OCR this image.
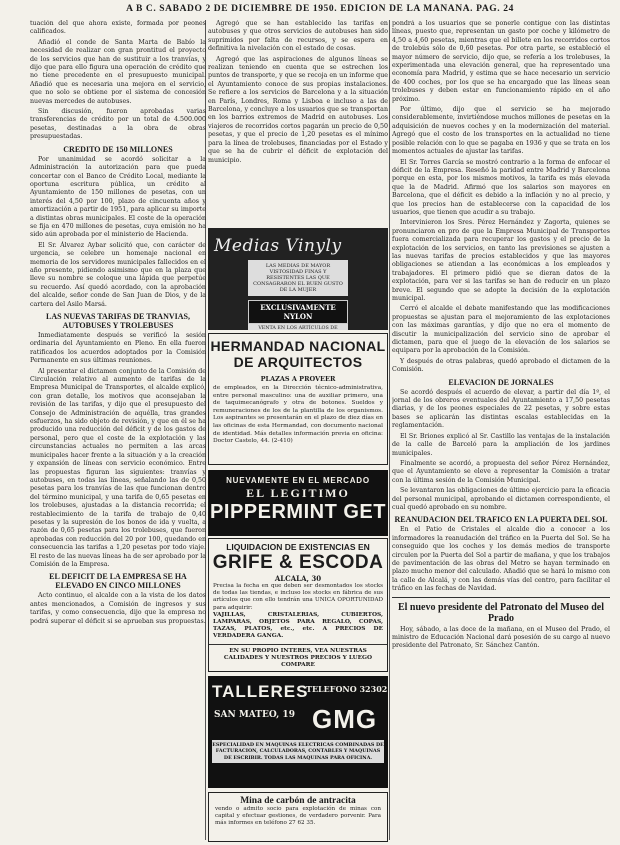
A B C. SABADO 2 DE DICIEMBRE DE 1950. EDICION DE LA MAÑANA. PAG. 24

tuación del que ahora existe, formada por peones calificados.

Añadió el conde de Santa Marta de Babío la necesidad de realizar con gran prontitud el proyecto de los servicios que han de sustituir a los tranvías, y dijo que para ello figura una operación de crédito que no tiene precedente en el presupuesto municipal. Añadió que es necesaria una mejora en el servicio, que no solo se obtiene por el sistema de concesión nuevas mercedes de autobuses.

Sin discusión, fueron aprobadas varias transferencias de crédito por un total de 4.500.000 pesetas, destinadas a la obra de obras presupuestadas.

CREDITO DE 150 MILLONES

Por unanimidad se acordó solicitar a la Administración la autorización para que pueda concertar con el Banco de Crédito Local, mediante la oportuna escritura pública, un crédito al Ayuntamiento de 150 millones de pesetas, con un interés del 4,50 por 100, plazo de cincuenta años y amortización a partir de 1951, para aplicar su importe a distintas obras municipales. El coste de la operación se fija en 470 millones de pesetas, cuya emisión no ha sido aún aprobada por el ministerio de Hacienda.

El Sr. Álvarez Aybar solicitó que, con carácter de urgencia, se celebre un homenaje nacional en memoria de los servidores municipales fallecidos en el año presente, pidiendo asimismo que en la plaza que lleve su nombre se coloque una lápida que perpetúe su recuerdo. Así quedó acordado, con la aprobación del alcalde, señor conde de San Juan de Dios, y de la cartera del Asilo Marsá.

LAS NUEVAS TARIFAS DE TRANVIAS, AUTOBUSES Y TROLEBUSES

Inmediatamente después se verificó la sesión ordinaria del Ayuntamiento en Pleno. En ella fueron ratificados los acuerdos adoptados por la Comisión Permanente en sus últimas reuniones.

Al presentar el dictamen conjunto de la Comisión de Circulación relativo al aumento de tarifas de la Empresa Municipal de Transportes, el alcalde explicó, con gran detalle, los motivos que aconsejaban la revisión de las tarifas, y dijo que el presupuesto del Consejo de Administración de aquélla, tras grandes esfuerzos, ha sido objeto de revisión, y que en él se ha producido una reducción del déficit y de los gastos de personal, pero que el coste de la explotación y las circunstancias actuales no permiten a las arcas municipales hacer frente a la situación y a la creación y expansión de líneas con servicio económico. Entre las propuestas figuran las siguientes: tranvías y autobuses, en todas las líneas, señalando las de 0,50 pesetas para los tranvías de las que funcionan dentro del término municipal, y una tarifa de 0,65 pesetas en los trolebuses, ajustadas a la distancia recorrida; el restablecimiento de la tarifa de trabajo de 0,40 pesetas y la supresión de los bonos de ida y vuelta, a razón de 0,65 pesetas para los trolebuses, que fueron aprobadas con reducción del 20 por 100, quedando en consecuencia las tarifas a 1,20 pesetas por todo viaje. El resto de las nuevas líneas ha de ser aprobado por la Comisión de la Empresa.

EL DEFICIT DE LA EMPRESA SE HA ELEVADO EN CINCO MILLONES

Acto continuo, el alcalde con a la vista de los datos antes mencionados, a Comisión de ingresos y sus tarifas, y como consecuencia, dijo que la empresa no podrá superar el déficit si se aprueban sus propuestas.

Agregó que se han establecido las tarifas en autobuses y que otros servicios de autobuses han sido suprimidos por falta de recursos, y se espera en definitiva la nivelación con el estado de cosas.

Agregó que las aspiraciones de algunos líneas se realizan teniendo en cuenta que se estrechen los puntos de transporte, y que se recoja en un informe que el Ayuntamiento conoce de sus propias instalaciones. Se refiere a los servicios de Barcelona y a la situación en París, Londres, Roma y Lisboa e incluso a las de Barcelona, y concluye a los usuarios que se transportan en los barrios extremos de Madrid en autobuses. Los viajeros de recorridos cortos pagarán un precio de 0,50 pesetas, y que el precio de 1,20 pesetas es el mínimo para la línea de trolebuses, financiadas por el Estado y que se ha de cubrir el déficit de explotación del municipio.

Medias Vinyly
LAS MEDIAS DE MAYOR VISTOSIDAD FINAS Y RESISTENTES LAS QUE CONSAGRARON EL BUEN GUSTO DE LA MUJER
EXCLUSIVAMENTE NYLON
VENTA EN LOS ARTÍCULOS DE
HERMANDAD NACIONAL
DE ARQUITECTOS
PLAZAS A PROVEER
de empleados, en la Dirección técnico-administrativa, entre personal masculino: una de auxiliar primero, una de taquimecanógrafo y otra de botones. Sueldos y remuneraciones de los de la plantilla de los organismos. Los aspirantes se presentarán en el plazo de diez días en las oficinas de esta Hermandad, con documento nacional de identidad. Más detalles información previa en oficina: Doctor Castelo, 44. (2-410)
NUEVAMENTE EN EL MERCADO
EL LEGITIMO
PIPPERMINT GET
LIQUIDACION DE EXISTENCIAS EN
GRIFE & ESCODA
ALCALA, 30
Precisa la fecha en que deben ser desmontados los stocks de todas las tiendas, e incluso los stocks en fábrica de sus artículos que con ello tendrán una UNICA OPORTUNIDAD para adquirir:
VAJILLAS, CRISTALERIAS, CUBIERTOS, LAMPARAS, OBJETOS PARA REGALO, COPAS, TAZAS, PLATOS, etc., etc. A PRECIOS DE VERDADERA GANGA.
EN SU PROPIO INTERES, VEA NUESTRAS CALIDADES Y NUESTROS PRECIOS Y LUEGO COMPARE
TALLERES
TELEFONO 32302
SAN MATEO, 19 GMG
ESPECIALIDAD EN MAQUINAS ELECTRICAS COMBINADAS DE FACTURACION, CALCULADORAS, CONTABLES Y MAQUINAS DE ESCRIBIR. TODAS LAS MAQUINAS PARA OFICINA.
Mina de carbón de antracita
vendo o admito socio para explotación de minas con capital y efectuar gestiones, de verdadero porvenir. Para más informes en teléfono 27 62 35.

pondrá a los usuarios que se ponerle contigue con las distintas líneas, puesto que, representan un gasto por coche y kilómetro de 4,50 a 4,60 pesetas, mientras que el billete en los recorridos cortos de trolebús sólo de 0,60 pesetas. Por otra parte, se estableció el mayor número de servicio, dijo que, se refería a los trolebuses, la experimentada una elevación general, que ha representado una economía para Madrid, y estima que se hace necesario un servicio de 400 coches, por los que se ha encargado que las líneas sean trolebuses y deben estar en funcionamiento rápido en el año próximo.

Por último, dijo que el servicio se ha mejorado considerablemente, invirtiéndose muchos millones de pesetas en la adquisición de nuevos coches y en la modernización del material. Agregó que el costo de los transportes en la actualidad no tiene posible relación con lo que se pagaba en 1936 y que se trata en los momentos actuales de ajustar las tarifas.

El Sr. Torres García se mostró contrario a la forma de enfocar el déficit de la Empresa. Reseñó la paridad entre Madrid y Barcelona porque en esta, por los mismos motivos, la tarifa es más elevada que la de Madrid. Afirmó que los salarios son mayores en Barcelona, que el déficit es debido a la inflación y no al precio, y que los precios han de establecerse con la capacidad de los usuarios, que tienen que acudir a su trabajo.

Intervinieron los Sres. Pérez Hernández y Zagorta, quienes se pronunciaron en pro de que la Empresa Municipal de Transportes fuera comercializada para recuperar los gastos y el precio de la explotación de los servicios, en tanto las previsiones se ajusten a las nuevas tarifas de precios establecidos y que las mayores obligaciones se atiendan a las económicas a los empleados y trabajadores. El primero pidió que se dieran datos de la explotación, para ver si las tarifas se han de reducir en un plazo breve. El segundo que se adopte la decisión de la explotación municipal.

Cerró el alcalde el debate manifestando que las modificaciones propuestas se ajustan para el mejoramiento de las explotaciones con las máximas garantías, y dijo que no era el momento de discutir la municipalización del servicio sino de aprobar el dictamen, para que el juego de la elevación de los salarios se equipara por la aprobación de la Comisión.

Y después de otras palabras, quedó aprobado el dictamen de la Comisión.

ELEVACION DE JORNALES

Se acordó después el acuerdo de elevar, a partir del día 1º, el jornal de los obreros eventuales del Ayuntamiento a 17,50 pesetas diarias, y de los peones especiales de 22 pesetas, y sobre estas bases se aplicarán las distintas escalas establecidas en la reglamentación.

El Sr. Briones explicó al Sr. Castillo las ventajas de la instalación de la calle de Barceló para la ampliación de los jardines municipales.

Finalmente se acordó, a propuesta del señor Pérez Hernández, que el Ayuntamiento se eleve a representar la Comisión a tratar con la última sesión de la Comisión Municipal.

Se levantaron las obligaciones de último ejercicio para la eficacia del personal municipal, aprobando el dictamen correspondiente, el cual quedó aprobado en su nombre.

REANUDACION DEL TRAFICO EN LA PUERTA DEL SOL

En el Patio de Cristales el alcalde dio a conocer a los informadores la reanudación del tráfico en la Puerta del Sol. Se ha conseguido que los coches y los demás medios de transporte circulen por la Puerta del Sol a partir de mañana, y que los trabajos de pavimentación de las obras del Metro se hayan terminado en plazo mucho menor del calculado. Añadió que se hará lo mismo con la calle de Alcalá, y con las demás vías del centro, para facilitar el tráfico en las fechas de Navidad.

El nuevo presidente del Patronato del Museo del Prado

Hoy, sábado, a las doce de la mañana, en el Museo del Prado, el ministro de Educación Nacional dará posesión de su cargo al nuevo presidente del Patronato, Sr. Sánchez Cantón.
